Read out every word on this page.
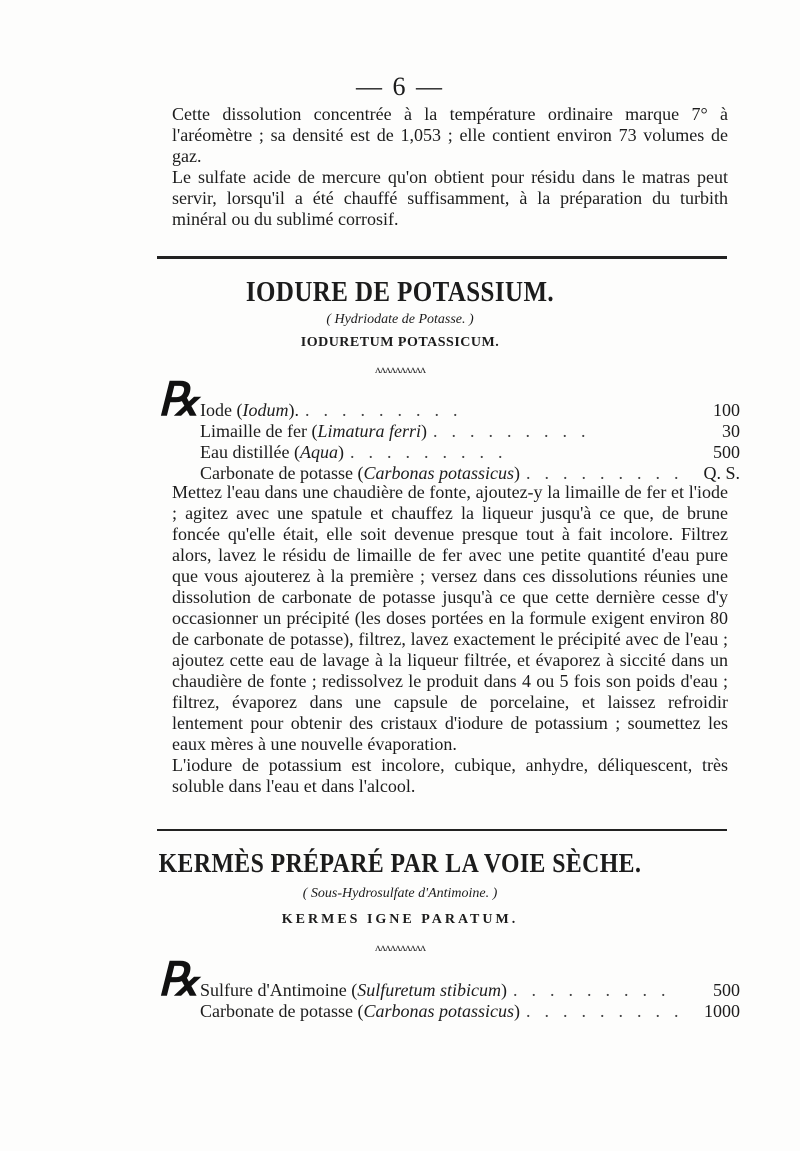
— 6 —

Cette dissolution concentrée à la température ordinaire marque 7° à l'aréomètre ; sa densité est de 1,053 ; elle contient environ 73 volumes de gaz.

Le sulfate acide de mercure qu'on obtient pour résidu dans le matras peut servir, lorsqu'il a été chauffé suffisamment, à la préparation du turbith minéral ou du sublimé corrosif.

IODURE DE POTASSIUM.
( Hydriodate de Potasse. )
IODURETUM POTASSICUM.
ʌʌʌʌʌʌʌʌʌʌ
℞ Iode (Iodum). .........	100
Limaille de fer (Limatura ferri) .........	30
Eau distillée (Aqua) .........	500
Carbonate de potasse (Carbonas potassicus) ......... Q. S.

Mettez l'eau dans une chaudière de fonte, ajoutez-y la limaille de fer et l'iode ; agitez avec une spatule et chauffez la liqueur jusqu'à ce que, de brune foncée qu'elle était, elle soit devenue presque tout à fait incolore. Filtrez alors, lavez le résidu de limaille de fer avec une petite quantité d'eau pure que vous ajouterez à la première ; versez dans ces dissolutions réunies une dissolution de carbonate de potasse jusqu'à ce que cette dernière cesse d'y occasionner un précipité (les doses portées en la formule exigent environ 80 de carbonate de potasse), filtrez, lavez exactement le précipité avec de l'eau ; ajoutez cette eau de lavage à la liqueur filtrée, et évaporez à siccité dans un chaudière de fonte ; redissolvez le produit dans 4 ou 5 fois son poids d'eau ; filtrez, évaporez dans une capsule de porcelaine, et laissez refroidir lentement pour obtenir des cristaux d'iodure de potassium ; soumettez les eaux mères à une nouvelle évaporation.

L'iodure de potassium est incolore, cubique, anhydre, déliquescent, très soluble dans l'eau et dans l'alcool.

KERMÈS PRÉPARÉ PAR LA VOIE SÈCHE.
( Sous-Hydrosulfate d'Antimoine. )
KERMES IGNE PARATUM.
ʌʌʌʌʌʌʌʌʌʌ
℞ Sulfure d'Antimoine (Sulfuretum stibicum) .........	500
Carbonate de potasse (Carbonas potassicus) ......... 1000
